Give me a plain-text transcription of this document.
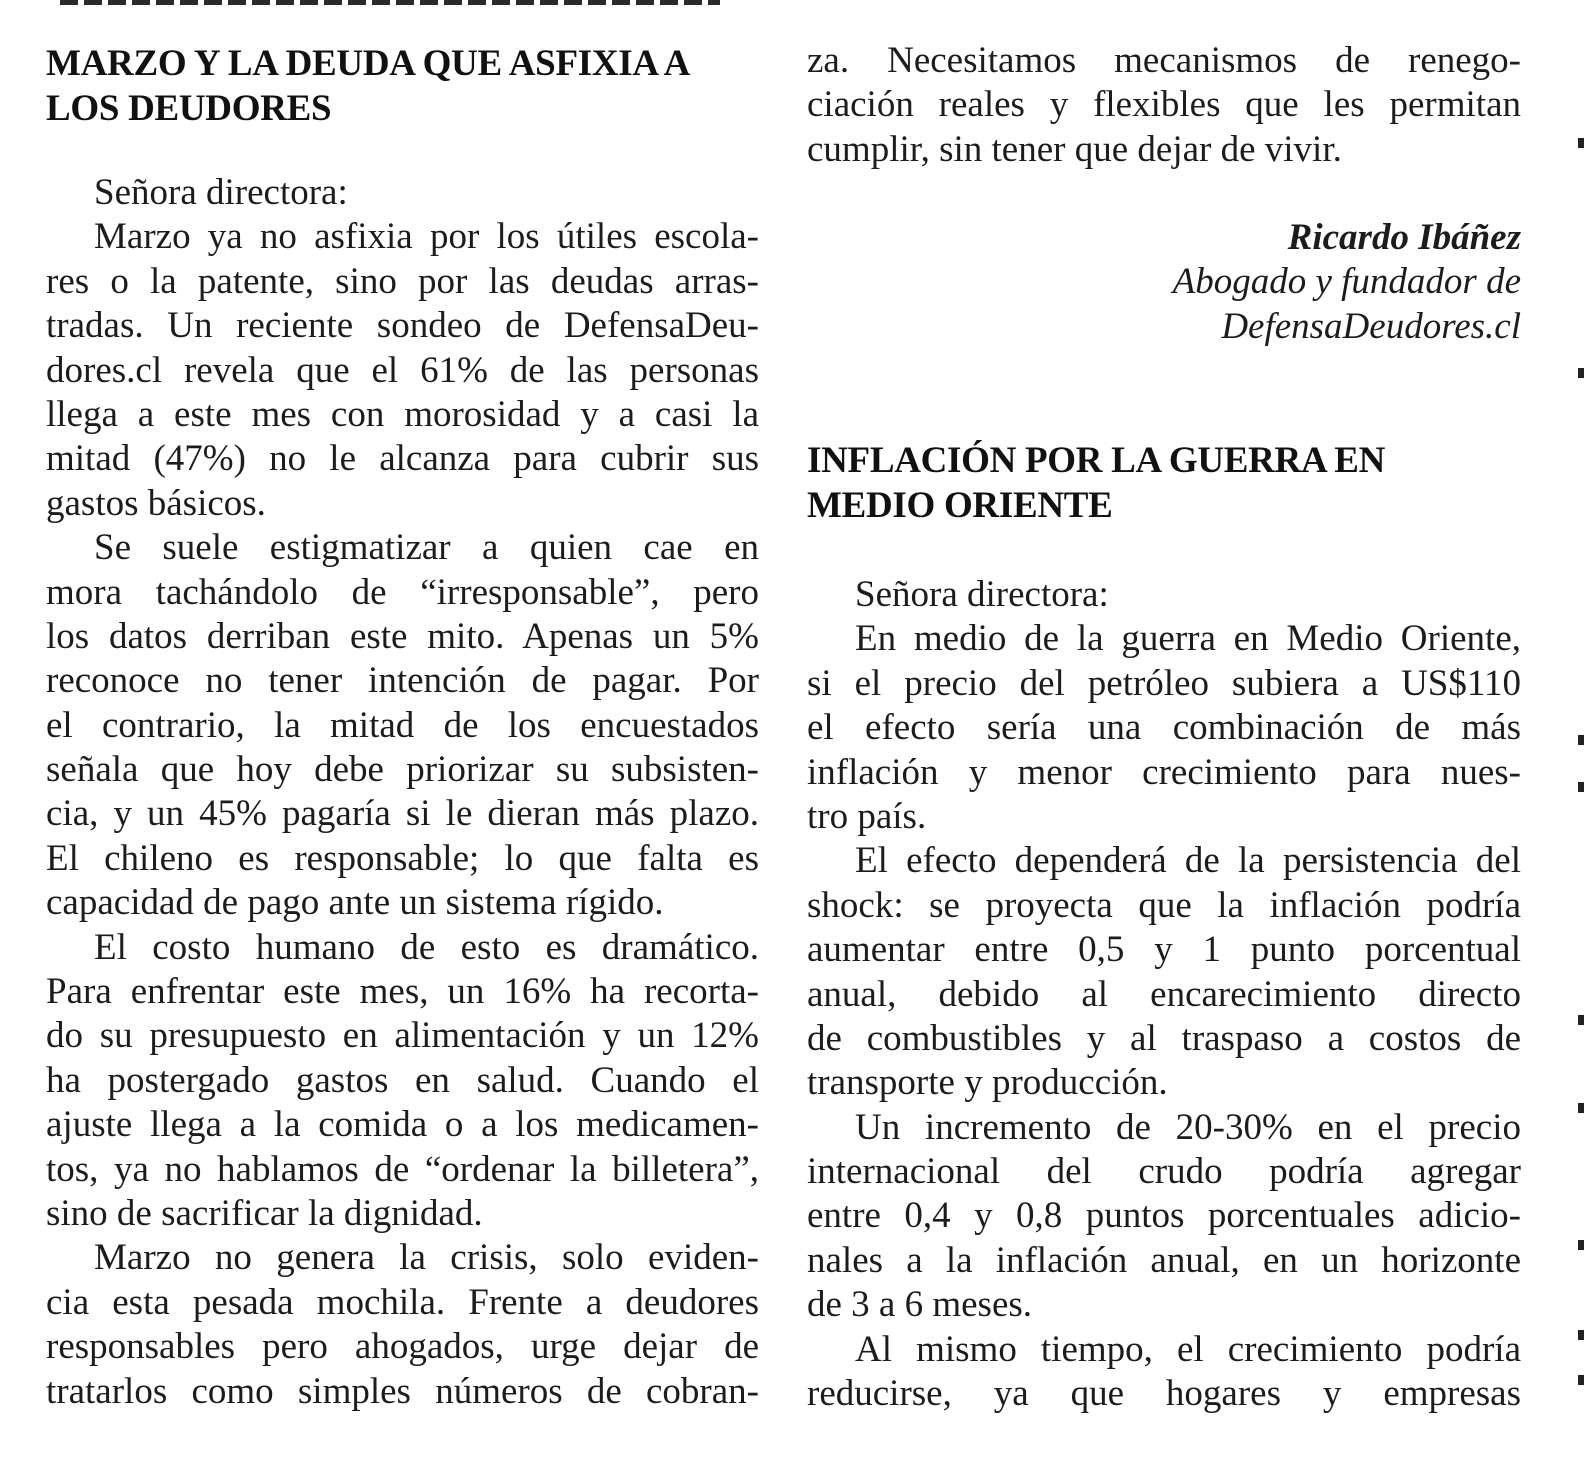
MARZO Y LA DEUDA QUE ASFIXIA A
LOS DEUDORES
Señora directora:
Marzo ya no asfixia por los útiles escola-
res o la patente, sino por las deudas arras-
tradas. Un reciente sondeo de DefensaDeu-
dores.cl revela que el 61% de las personas
llega a este mes con morosidad y a casi la
mitad (47%) no le alcanza para cubrir sus
gastos básicos.
Se suele estigmatizar a quien cae en
mora tachándolo de “irresponsable”, pero
los datos derriban este mito. Apenas un 5%
reconoce no tener intención de pagar. Por
el contrario, la mitad de los encuestados
señala que hoy debe priorizar su subsisten-
cia, y un 45% pagaría si le dieran más plazo.
El chileno es responsable; lo que falta es
capacidad de pago ante un sistema rígido.
El costo humano de esto es dramático.
Para enfrentar este mes, un 16% ha recorta-
do su presupuesto en alimentación y un 12%
ha postergado gastos en salud. Cuando el
ajuste llega a la comida o a los medicamen-
tos, ya no hablamos de “ordenar la billetera”,
sino de sacrificar la dignidad.
Marzo no genera la crisis, solo eviden-
cia esta pesada mochila. Frente a deudores
responsables pero ahogados, urge dejar de
tratarlos como simples números de cobran-
za. Necesitamos mecanismos de renego-
ciación reales y flexibles que les permitan
cumplir, sin tener que dejar de vivir.
Ricardo Ibáñez
Abogado y fundador de
DefensaDeudores.cl
INFLACIÓN POR LA GUERRA EN
MEDIO ORIENTE
Señora directora:
En medio de la guerra en Medio Oriente,
si el precio del petróleo subiera a US$110
el efecto sería una combinación de más
inflación y menor crecimiento para nues-
tro país.
El efecto dependerá de la persistencia del
shock: se proyecta que la inflación podría
aumentar entre 0,5 y 1 punto porcentual
anual, debido al encarecimiento directo
de combustibles y al traspaso a costos de
transporte y producción.
Un incremento de 20-30% en el precio
internacional del crudo podría agregar
entre 0,4 y 0,8 puntos porcentuales adicio-
nales a la inflación anual, en un horizonte
de 3 a 6 meses.
Al mismo tiempo, el crecimiento podría
reducirse, ya que hogares y empresas
